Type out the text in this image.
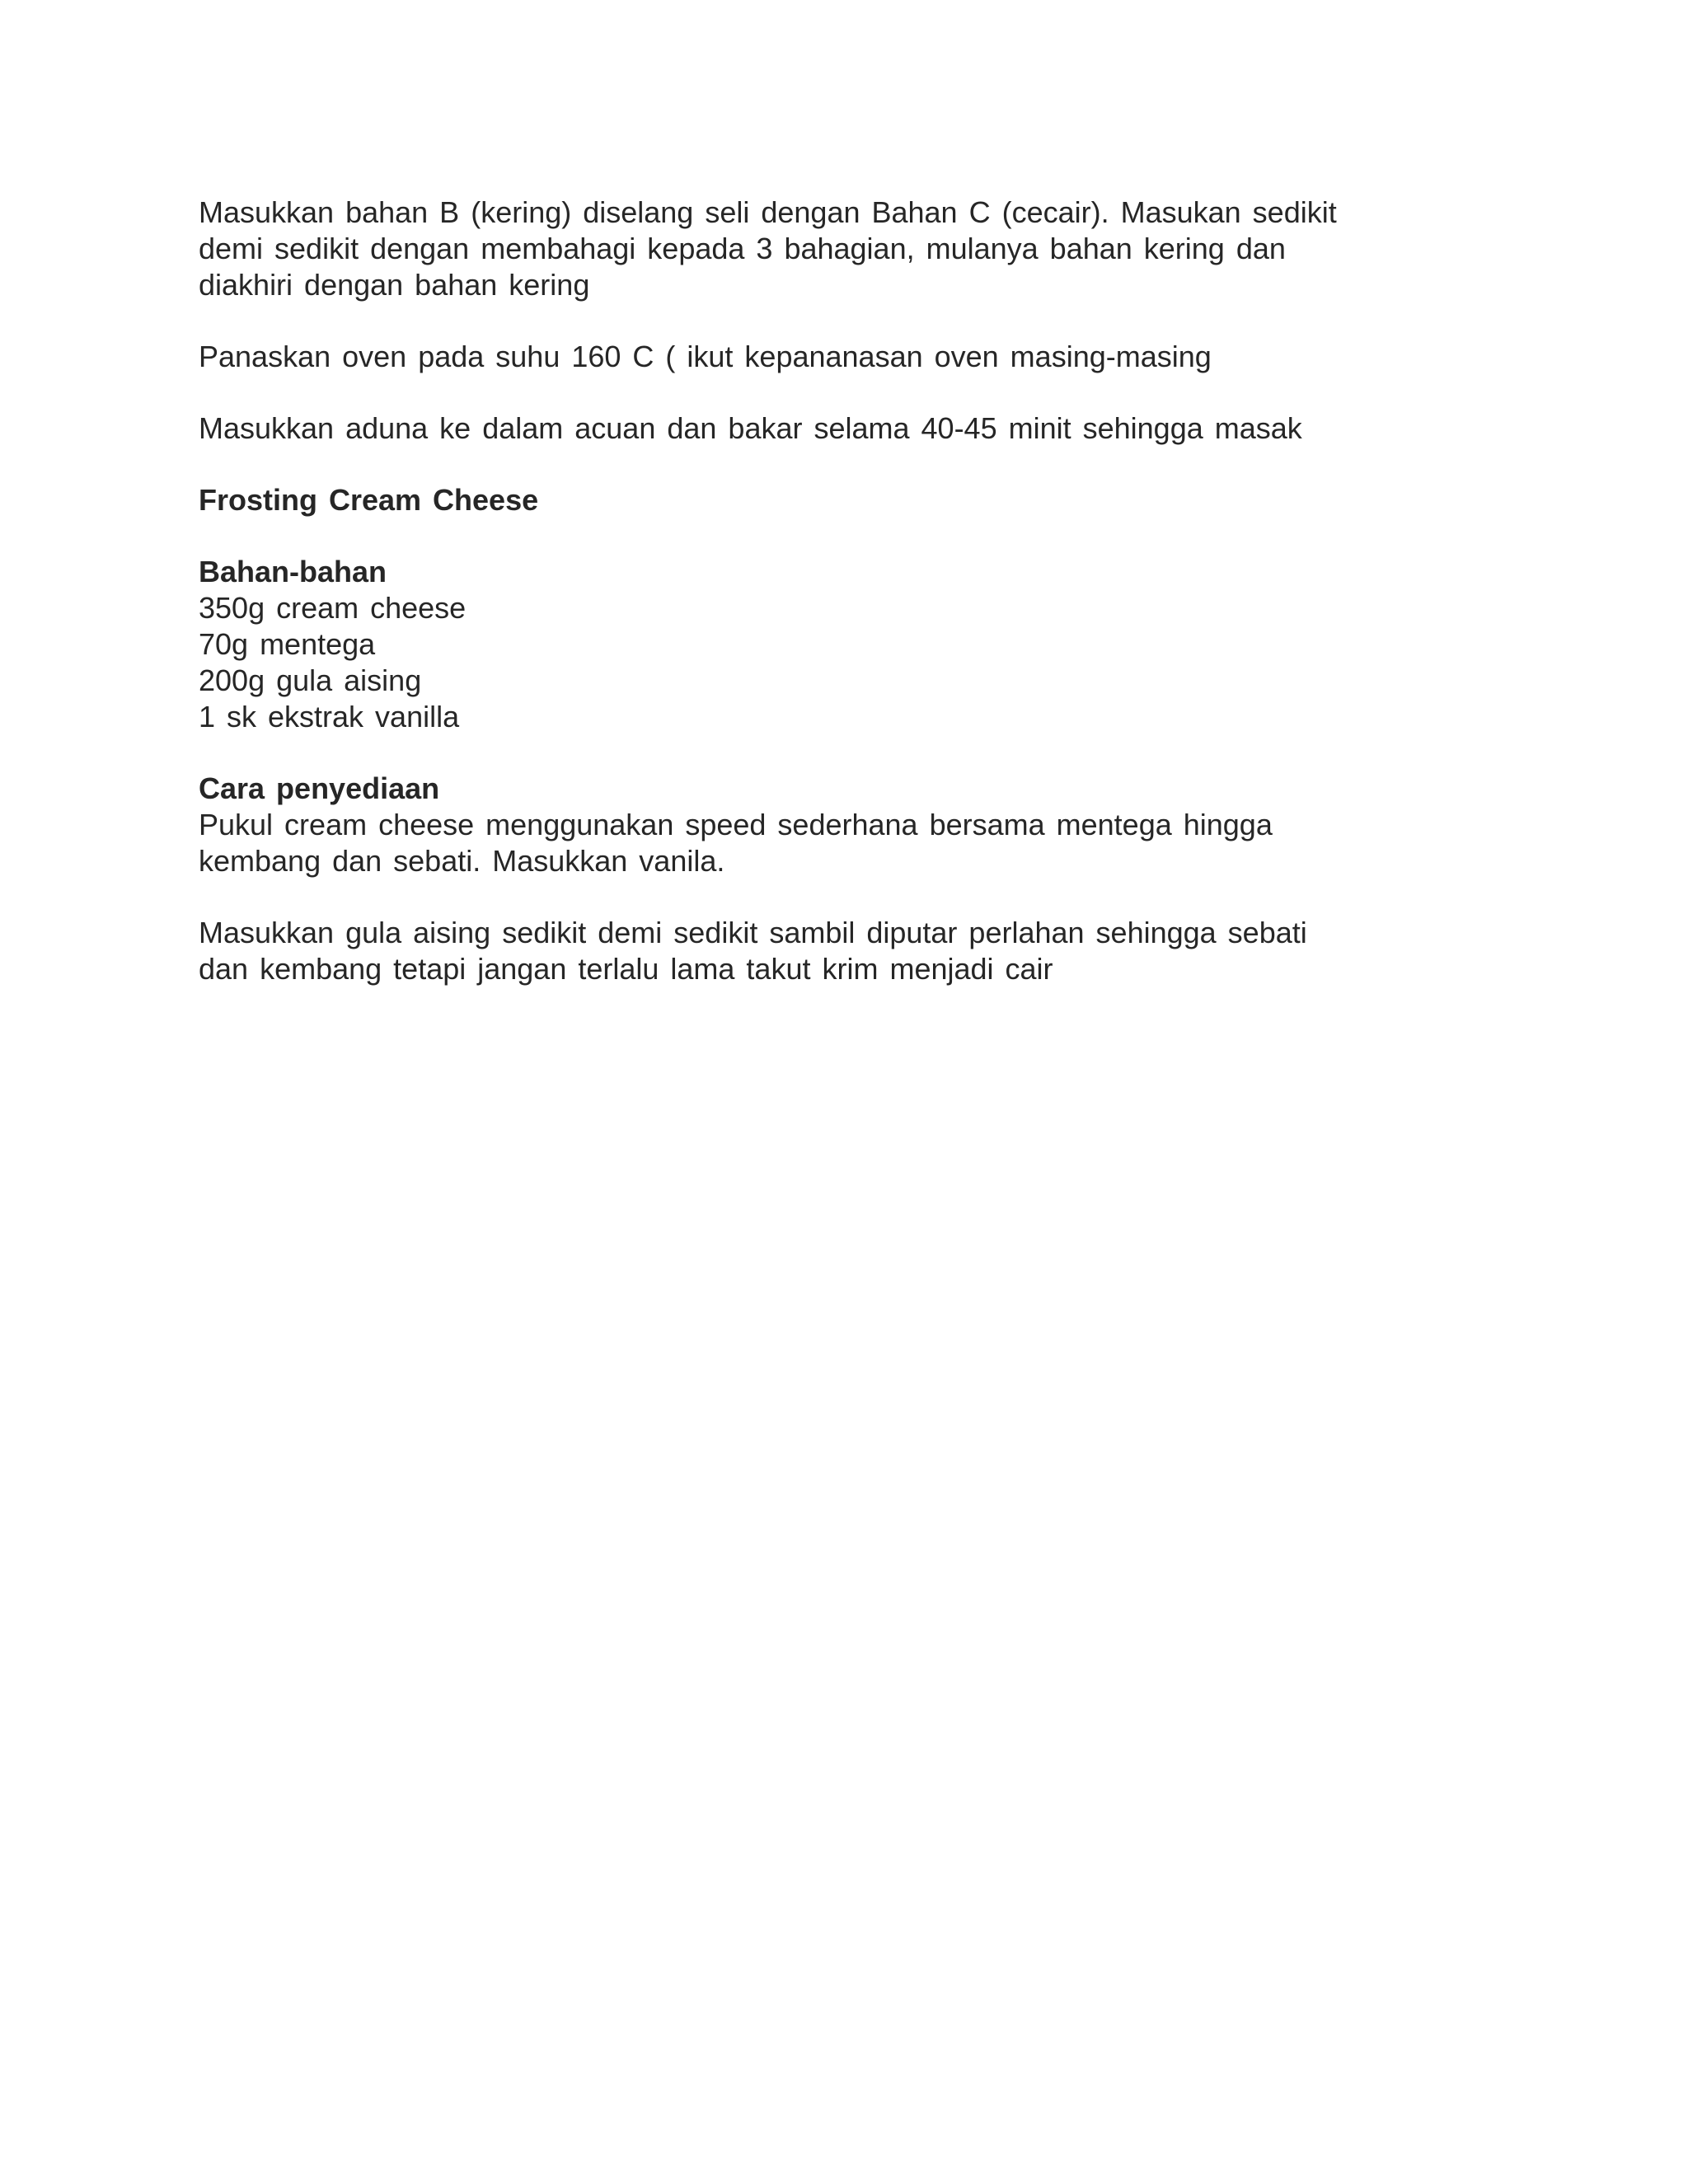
Masukkan bahan B (kering) diselang seli dengan Bahan C (cecair). Masukan sedikit
demi sedikit dengan membahagi kepada 3 bahagian, mulanya bahan kering dan
diakhiri dengan bahan kering

Panaskan oven pada suhu 160 C ( ikut kepananasan oven masing-masing

Masukkan aduna ke dalam acuan dan bakar selama 40-45 minit sehingga masak

Frosting Cream Cheese

Bahan-bahan

350g cream cheese
70g mentega
200g gula aising
1 sk ekstrak vanilla

Cara penyediaan

Pukul cream cheese menggunakan speed sederhana bersama mentega hingga
kembang dan sebati. Masukkan vanila.

Masukkan gula aising sedikit demi sedikit sambil diputar perlahan sehingga sebati
dan kembang tetapi jangan terlalu lama takut krim menjadi cair
